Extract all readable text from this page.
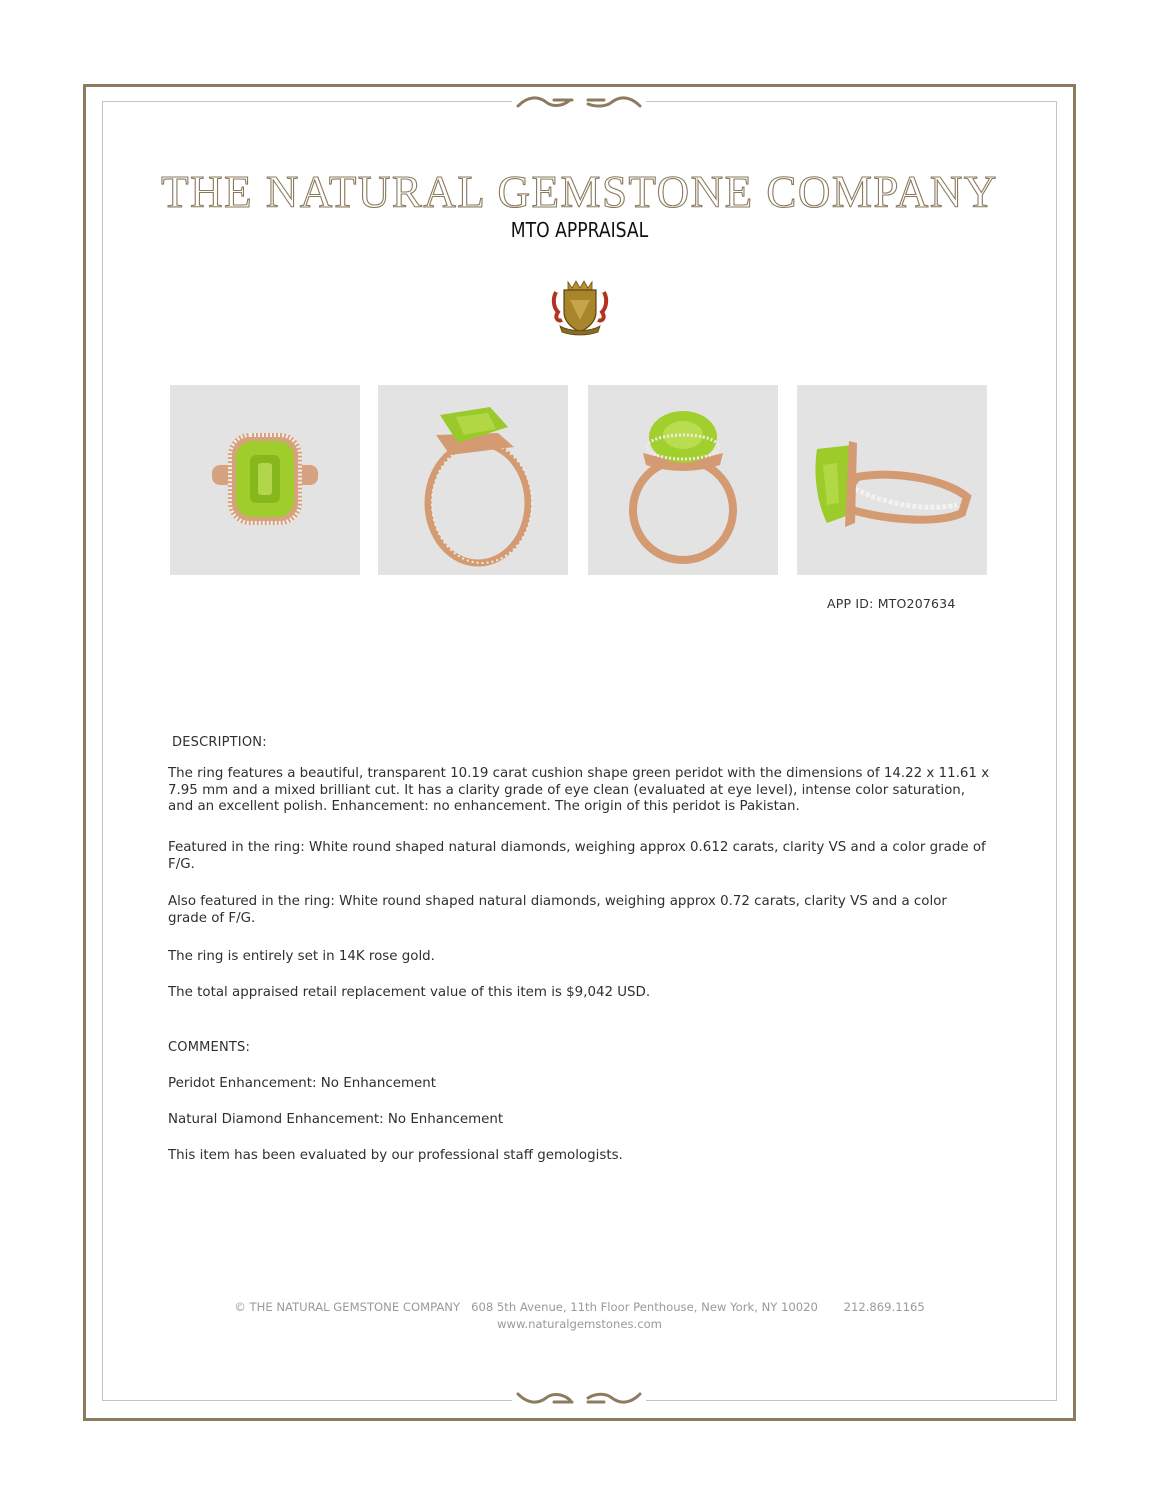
THE NATURAL GEMSTONE COMPANY
MTO APPRAISAL
APP ID: MTO207634
DESCRIPTION:
The ring features a beautiful, transparent 10.19 carat cushion shape green peridot with the dimensions of 14.22 x 11.61 x 7.95 mm and a mixed brilliant cut. It has a clarity grade of eye clean (evaluated at eye level), intense color saturation, and an excellent polish. Enhancement: no enhancement. The origin of this peridot is Pakistan.
Featured in the ring: White round shaped natural diamonds, weighing approx 0.612 carats, clarity VS and a color grade of F/G.
Also featured in the ring: White round shaped natural diamonds, weighing approx 0.72 carats, clarity VS and a color grade of F/G.
The ring is entirely set in 14K rose gold.
The total appraised retail replacement value of this item is $9,042 USD.
COMMENTS:
Peridot Enhancement: No Enhancement
Natural Diamond Enhancement: No Enhancement
This item has been evaluated by our professional staff gemologists.
© THE NATURAL GEMSTONE COMPANY 608 5th Avenue, 11th Floor Penthouse, New York, NY 10020 212.869.1165
www.naturalgemstones.com
